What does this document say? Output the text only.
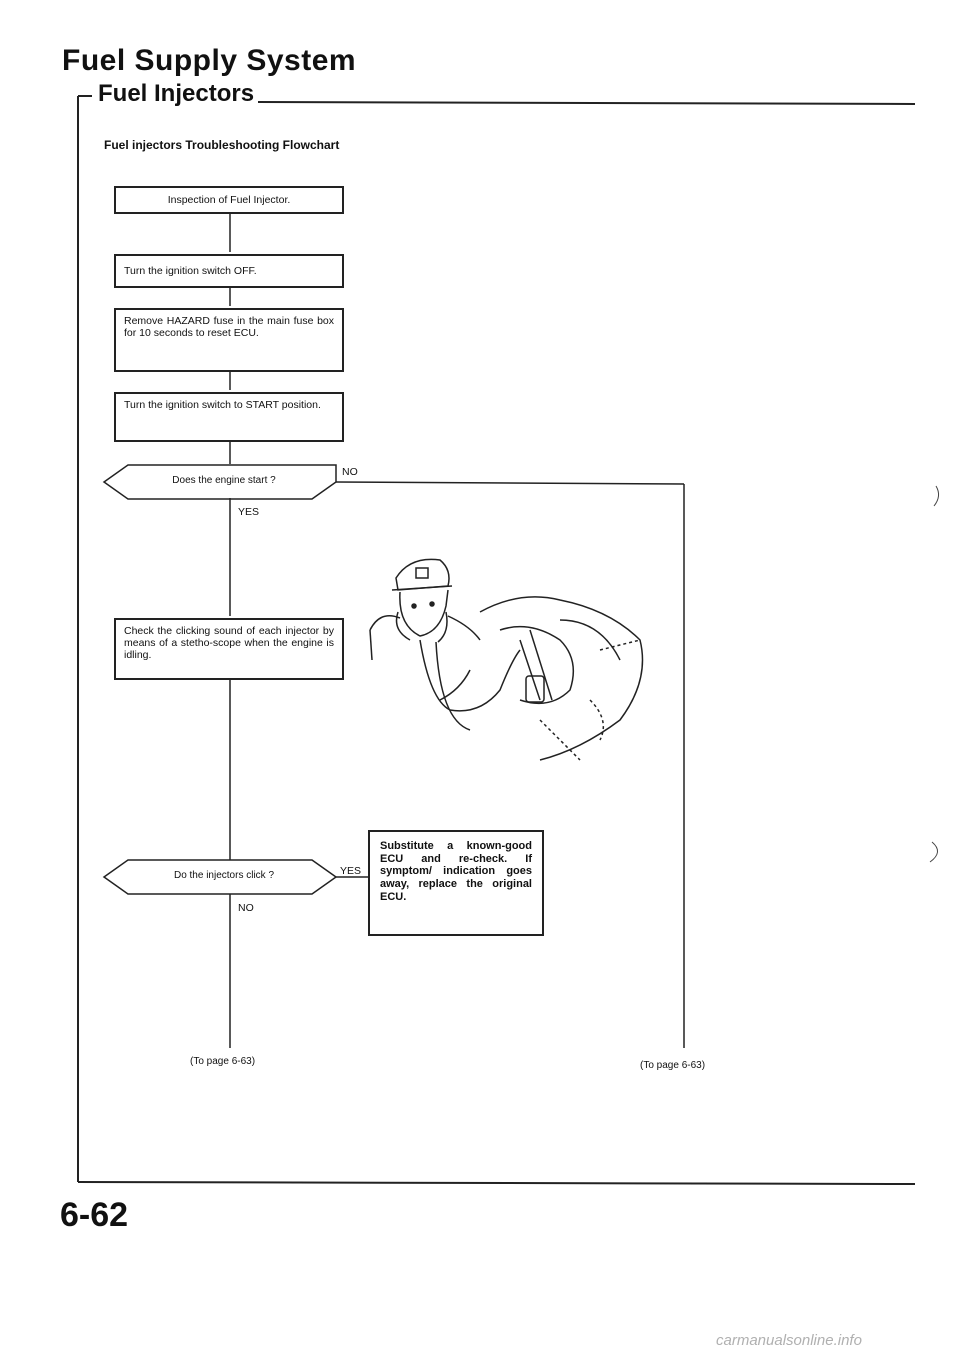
Fuel Supply System
Fuel Injectors
Fuel injectors Troubleshooting Flowchart
Inspection of Fuel Injector.
Turn the ignition switch OFF.
Remove HAZARD fuse in the main fuse box for 10 seconds to reset ECU.
Turn the ignition switch to START position.
Does the engine start ?
NO
YES
Check the clicking sound of each injector by means of a stetho-scope when the engine is idling.
Do the injectors click ?	YES
NO
Substitute a known-good ECU and re-check. If symptom/ indication goes away, replace the original ECU.
(To page 6-63)	(To page 6-63)
6-62
carmanualsonline.info
